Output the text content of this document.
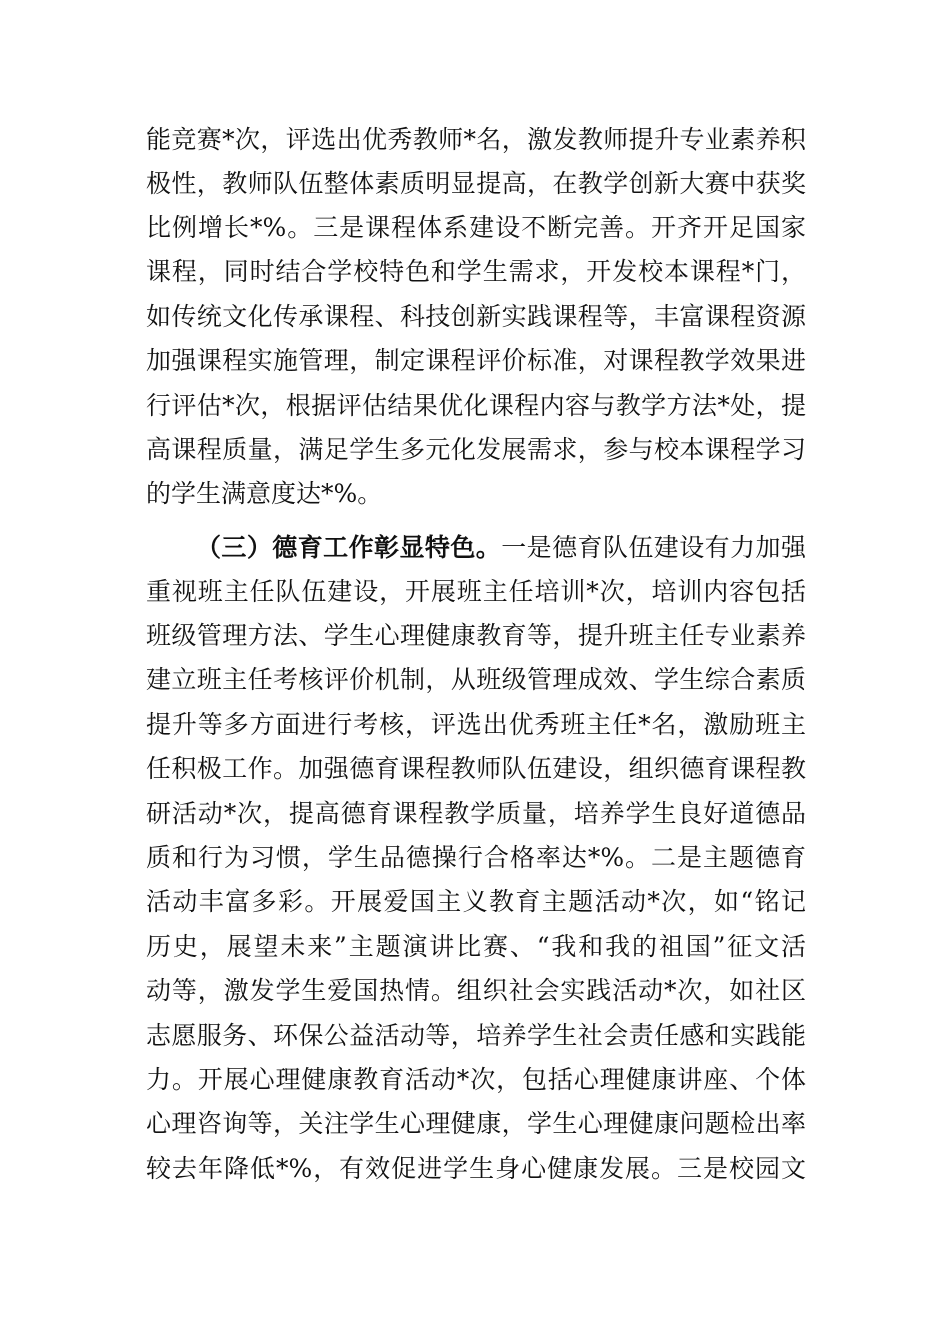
能竞赛*次，评选出优秀教师*名，激发教师提升专业素养积
极性，教师队伍整体素质明显提高，在教学创新大赛中获奖
比例增长*%。三是课程体系建设不断完善。开齐开足国家
课程，同时结合学校特色和学生需求，开发校本课程*门，
如传统文化传承课程、科技创新实践课程等，丰富课程资源
加强课程实施管理，制定课程评价标准，对课程教学效果进
行评估*次，根据评估结果优化课程内容与教学方法*处，提
高课程质量，满足学生多元化发展需求，参与校本课程学习
的学生满意度达*%。
（三）德育工作彰显特色。一是德育队伍建设有力加强
重视班主任队伍建设，开展班主任培训*次，培训内容包括
班级管理方法、学生心理健康教育等，提升班主任专业素养
建立班主任考核评价机制，从班级管理成效、学生综合素质
提升等多方面进行考核，评选出优秀班主任*名，激励班主
任积极工作。加强德育课程教师队伍建设，组织德育课程教
研活动*次，提高德育课程教学质量，培养学生良好道德品
质和行为习惯，学生品德操行合格率达*%。二是主题德育
活动丰富多彩。开展爱国主义教育主题活动*次，如“铭记
历史，展望未来”主题演讲比赛、“我和我的祖国”征文活
动等，激发学生爱国热情。组织社会实践活动*次，如社区
志愿服务、环保公益活动等，培养学生社会责任感和实践能
力。开展心理健康教育活动*次，包括心理健康讲座、个体
心理咨询等，关注学生心理健康，学生心理健康问题检出率
较去年降低*%，有效促进学生身心健康发展。三是校园文
